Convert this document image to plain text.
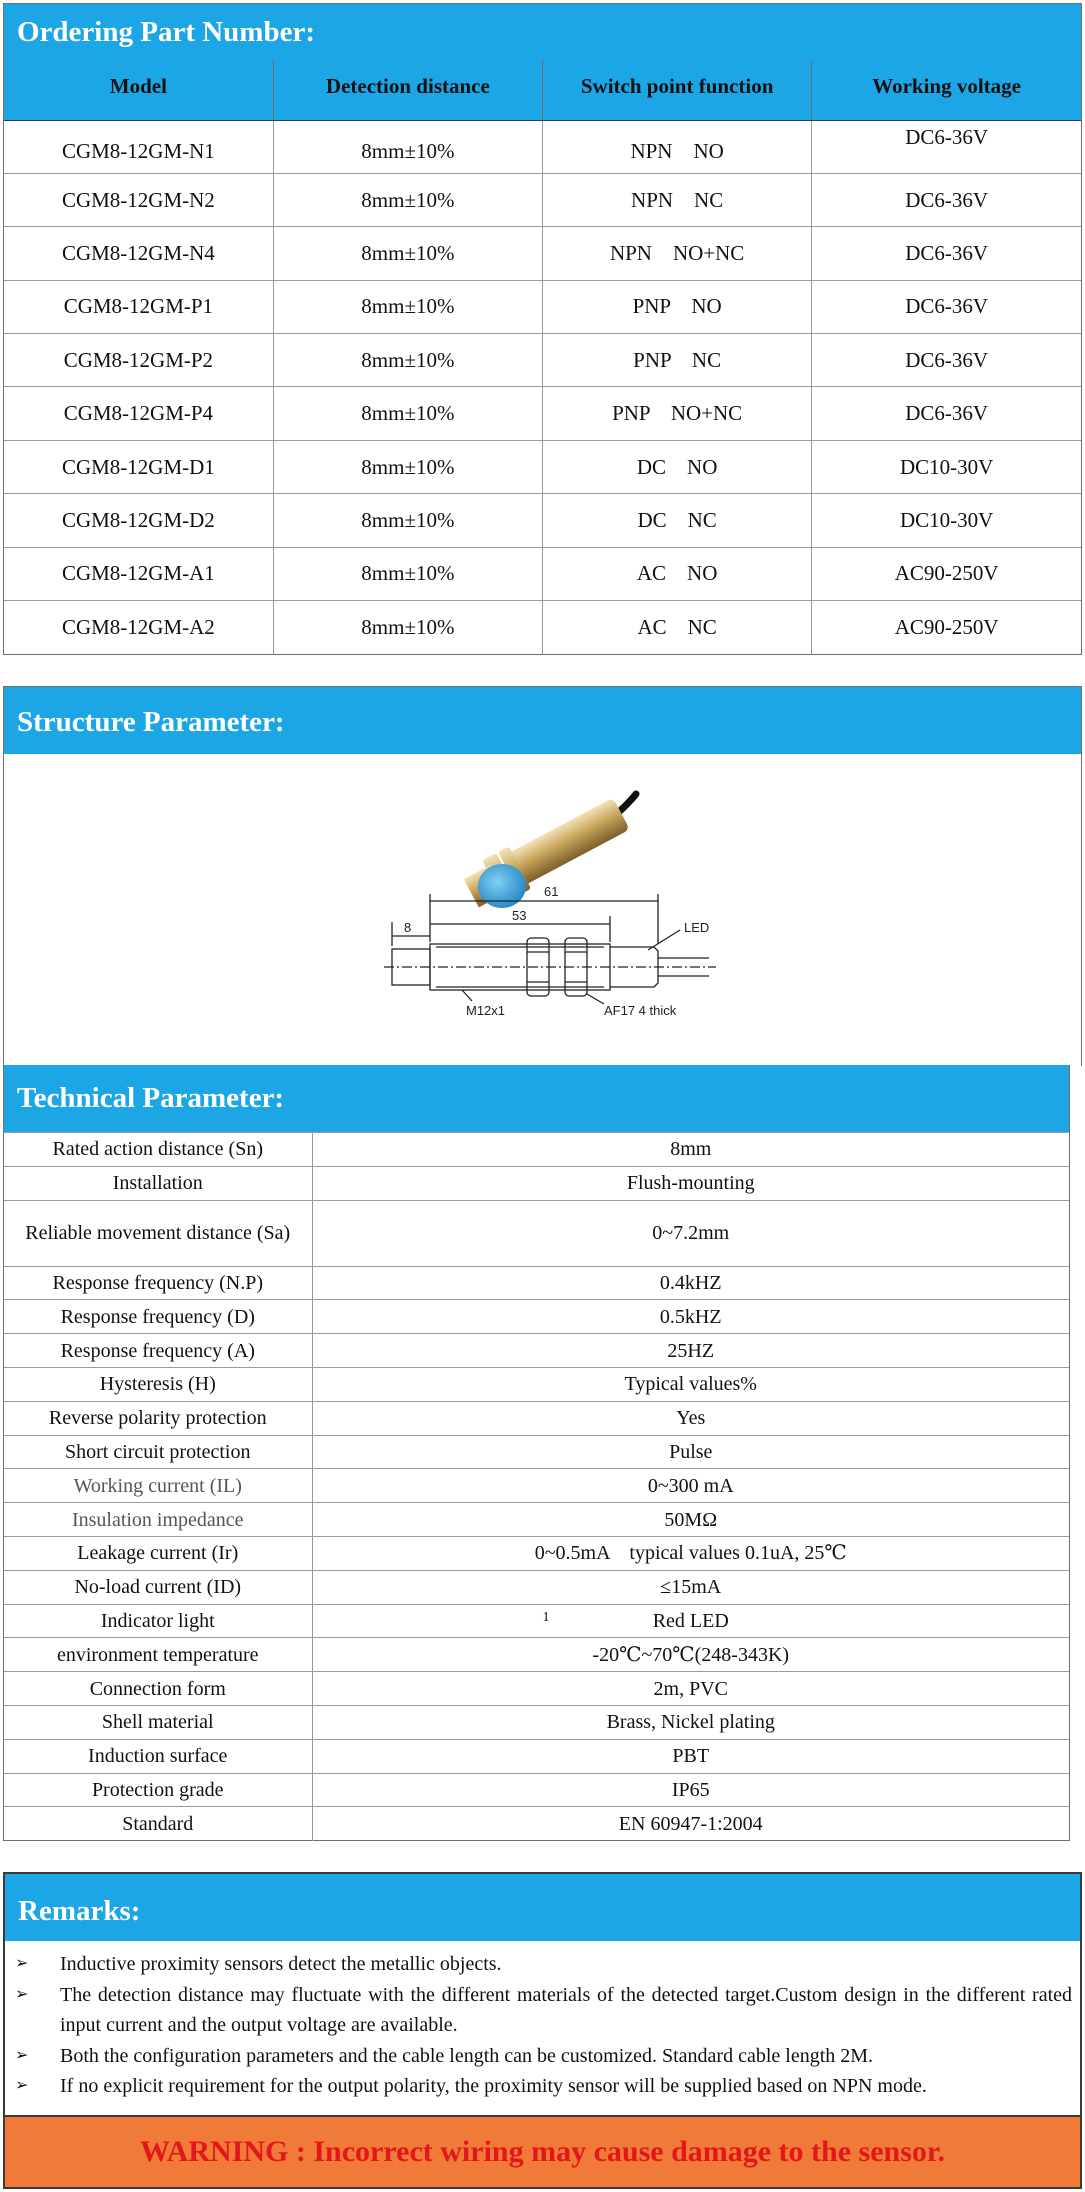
Ordering Part Number:
Model	Detection distance	Switch point function	Working voltage
CGM8-12GM-N1	8mm±10%	NPN    NO	DC6-36V
CGM8-12GM-N2	8mm±10%	NPN    NC	DC6-36V
CGM8-12GM-N4	8mm±10%	NPN    NO+NC	DC6-36V
CGM8-12GM-P1	8mm±10%	PNP    NO	DC6-36V
CGM8-12GM-P2	8mm±10%	PNP    NC	DC6-36V
CGM8-12GM-P4	8mm±10%	PNP    NO+NC	DC6-36V
CGM8-12GM-D1	8mm±10%	DC    NO	DC10-30V
CGM8-12GM-D2	8mm±10%	DC    NC	DC10-30V
CGM8-12GM-A1	8mm±10%	AC    NO	AC90-250V
CGM8-12GM-A2	8mm±10%	AC    NC	AC90-250V
Structure Parameter:
61
53
8	LED
M12x1	AF17 4 thick
Technical Parameter:
Rated action distance (Sn)	8mm
Installation	Flush-mounting
Reliable movement distance (Sa)	0~7.2mm
Response frequency (N.P)	0.4kHZ
Response frequency (D)	0.5kHZ
Response frequency (A)	25HZ
Hysteresis (H)	Typical values%
Reverse polarity protection	Yes
Short circuit protection	Pulse
Working current (IL)	0~300 mA
Insulation impedance	50MΩ
Leakage current (Ir)	0~0.5mA    typical values 0.1uA, 25℃
No-load current (ID)	≤15mA
Indicator light	Red LED
1

environment temperature	-20℃~70℃(248-343K)
Connection form	2m, PVC
Shell material	Brass, Nickel plating
Induction surface	PBT
Protection grade	IP65
Standard	EN 60947-1:2004
Remarks:
➢	Inductive proximity sensors detect the metallic objects.
➢	The detection distance may fluctuate with the different materials of the detected target.Custom design in the different rated input current and the output voltage are available.
➢	Both the configuration parameters and the cable length can be customized. Standard cable length 2M.
➢	If no explicit requirement for the output polarity, the proximity sensor will be supplied based on NPN mode.
WARNING : Incorrect wiring may cause damage to the sensor.
